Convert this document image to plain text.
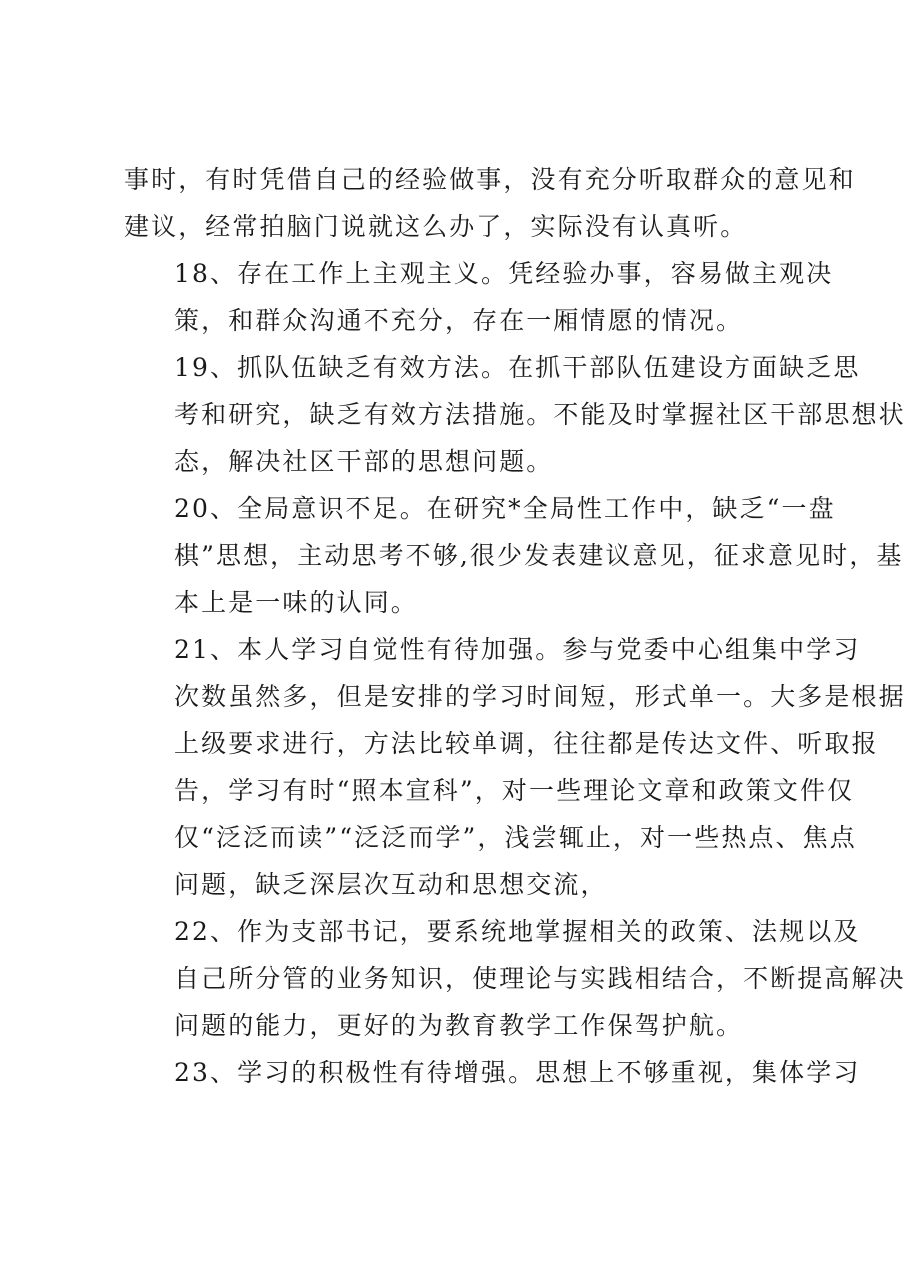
事时，有时凭借自己的经验做事，没有充分听取群众的意见和
建议，经常拍脑门说就这么办了，实际没有认真听。
18、存在工作上主观主义。凭经验办事，容易做主观决
策，和群众沟通不充分，存在一厢情愿的情况。
19、抓队伍缺乏有效方法。在抓干部队伍建设方面缺乏思
考和研究，缺乏有效方法措施。不能及时掌握社区干部思想状
态，解决社区干部的思想问题。
20、全局意识不足。在研究*全局性工作中，缺乏“一盘
棋”思想，主动思考不够,很少发表建议意见，征求意见时，基
本上是一味的认同。
21、本人学习自觉性有待加强。参与党委中心组集中学习
次数虽然多，但是安排的学习时间短，形式单一。大多是根据
上级要求进行，方法比较单调，往往都是传达文件、听取报
告，学习有时“照本宣科”，对一些理论文章和政策文件仅
仅“泛泛而读”“泛泛而学”，浅尝辄止，对一些热点、焦点
问题，缺乏深层次互动和思想交流，
22、作为支部书记，要系统地掌握相关的政策、法规以及
自己所分管的业务知识，使理论与实践相结合，不断提高解决
问题的能力，更好的为教育教学工作保驾护航。
23、学习的积极性有待增强。思想上不够重视，集体学习
